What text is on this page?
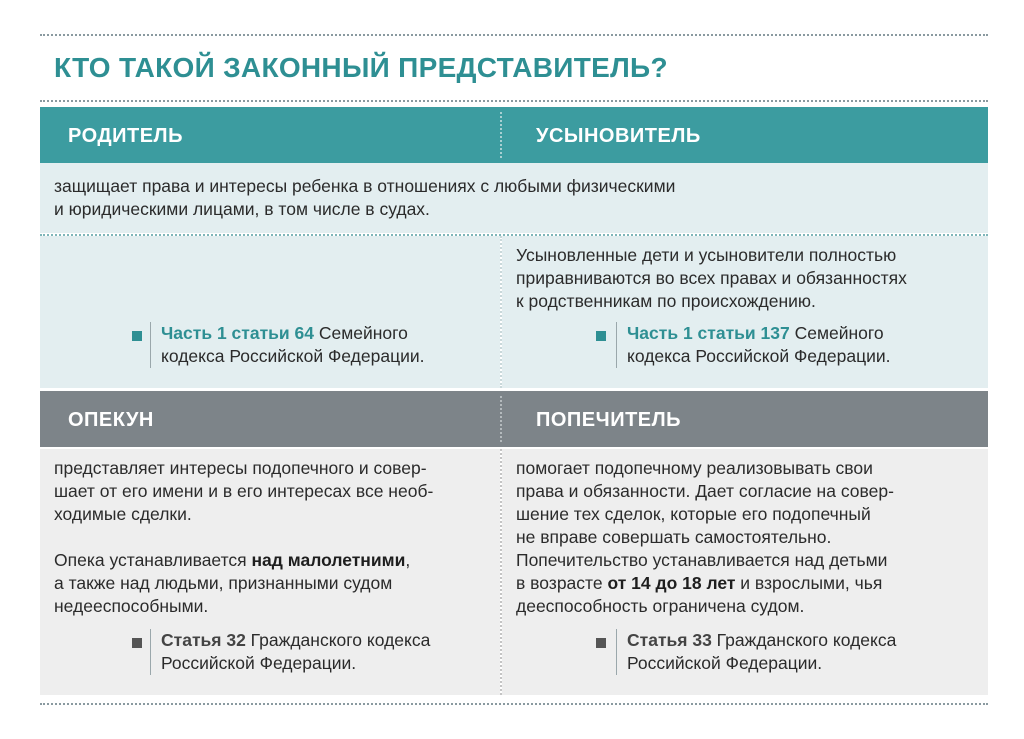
КТО ТАКОЙ ЗАКОННЫЙ ПРЕДСТАВИТЕЛЬ?
РОДИТЕЛЬ	УСЫНОВИТЕЛЬ
защищает права и интересы ребенка в отношениях с любыми физическими
и юридическими лицами, в том числе в судах.
Часть 1 статьи 64 Семейного
кодекса Российской Федерации.
Усыновленные дети и усыновители полностью
приравниваются во всех правах и обязанностях
к родственникам по происхождению.
Часть 1 статьи 137 Семейного
кодекса Российской Федерации.
ОПЕКУН	ПОПЕЧИТЕЛЬ
представляет интересы подопечного и совер-
шает от его имени и в его интересах все необ-
ходимые сделки.
Опека устанавливается над малолетними,
а также над людьми, признанными судом
недееспособными.
Статья 32 Гражданского кодекса
Российской Федерации.
помогает подопечному реализовывать свои
права и обязанности. Дает согласие на совер-
шение тех сделок, которые его подопечный
не вправе совершать самостоятельно.
Попечительство устанавливается над детьми
в возрасте от 14 до 18 лет и взрослыми, чья
дееспособность ограничена судом.
Статья 33 Гражданского кодекса
Российской Федерации.
